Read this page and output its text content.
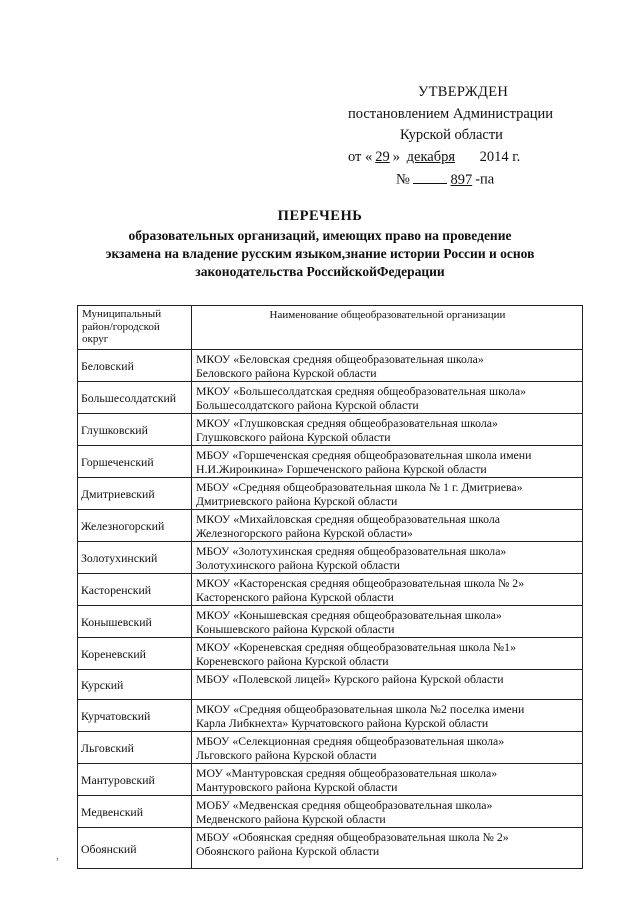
УТВЕРЖДЕН
постановлением Администрации
Курской области
от « 29 » декабря 2014 г.
№	897 -па
ПЕРЕЧЕНЬ
образовательных организаций, имеющих право на проведение
экзамена на владение русским языком,знание истории России и основ
законодательства РоссийскойФедерации
Муниципальный район/городской округ	Наименование общеобразовательной организации
Беловский	МКОУ «Беловская средняя общеобразовательная школа»
Беловского района Курской области

Большесолдатский	МКОУ «Большесолдатская средняя общеобразовательная школа»
Большесолдатского района Курской области

Глушковский	МКОУ «Глушковская средняя общеобразовательная школа»
Глушковского района Курской области

Горшеченский	МБОУ «Горшеченская средняя общеобразовательная школа имени
Н.И.Жироикина» Горшеченского района Курской области

Дмитриевский	МБОУ «Средняя общеобразовательная школа № 1 г. Дмитриева»
Дмитриевского района Курской области

Железногорский	МКОУ «Михайловская средняя общеобразовательная школа
Железногорского района Курской области»

Золотухинский	МБОУ «Золотухинская средняя общеобразовательная школа»
Золотухинского района Курской области

Касторенский	МКОУ «Касторенская средняя общеобразовательная школа № 2»
Касторенского района Курской области

Конышевский	МКОУ «Конышевская средняя общеобразовательная школа»
Конышевского района Курской области

Кореневский	МКОУ «Кореневская средняя общеобразовательная школа №1»
Кореневского района Курской области

Курский	МБОУ «Полевской лицей» Курского района Курской области

Курчатовский	МКОУ «Средняя общеобразовательная школа №2 поселка имени
Карла Либкнехта» Курчатовского района Курской области

Льговский	МБОУ «Селекционная средняя общеобразовательная школа»
Льговского района Курской области

Мантуровский	МОУ «Мантуровская средняя общеобразовательная школа»
Мантуровского района Курской области

Медвенский	МОБУ «Медвенская средняя общеобразовательная школа»
Медвенского района Курской области

Обоянский	МБОУ «Обоянская средняя общеобразовательная школа № 2»
Обоянского района Курской области
,
